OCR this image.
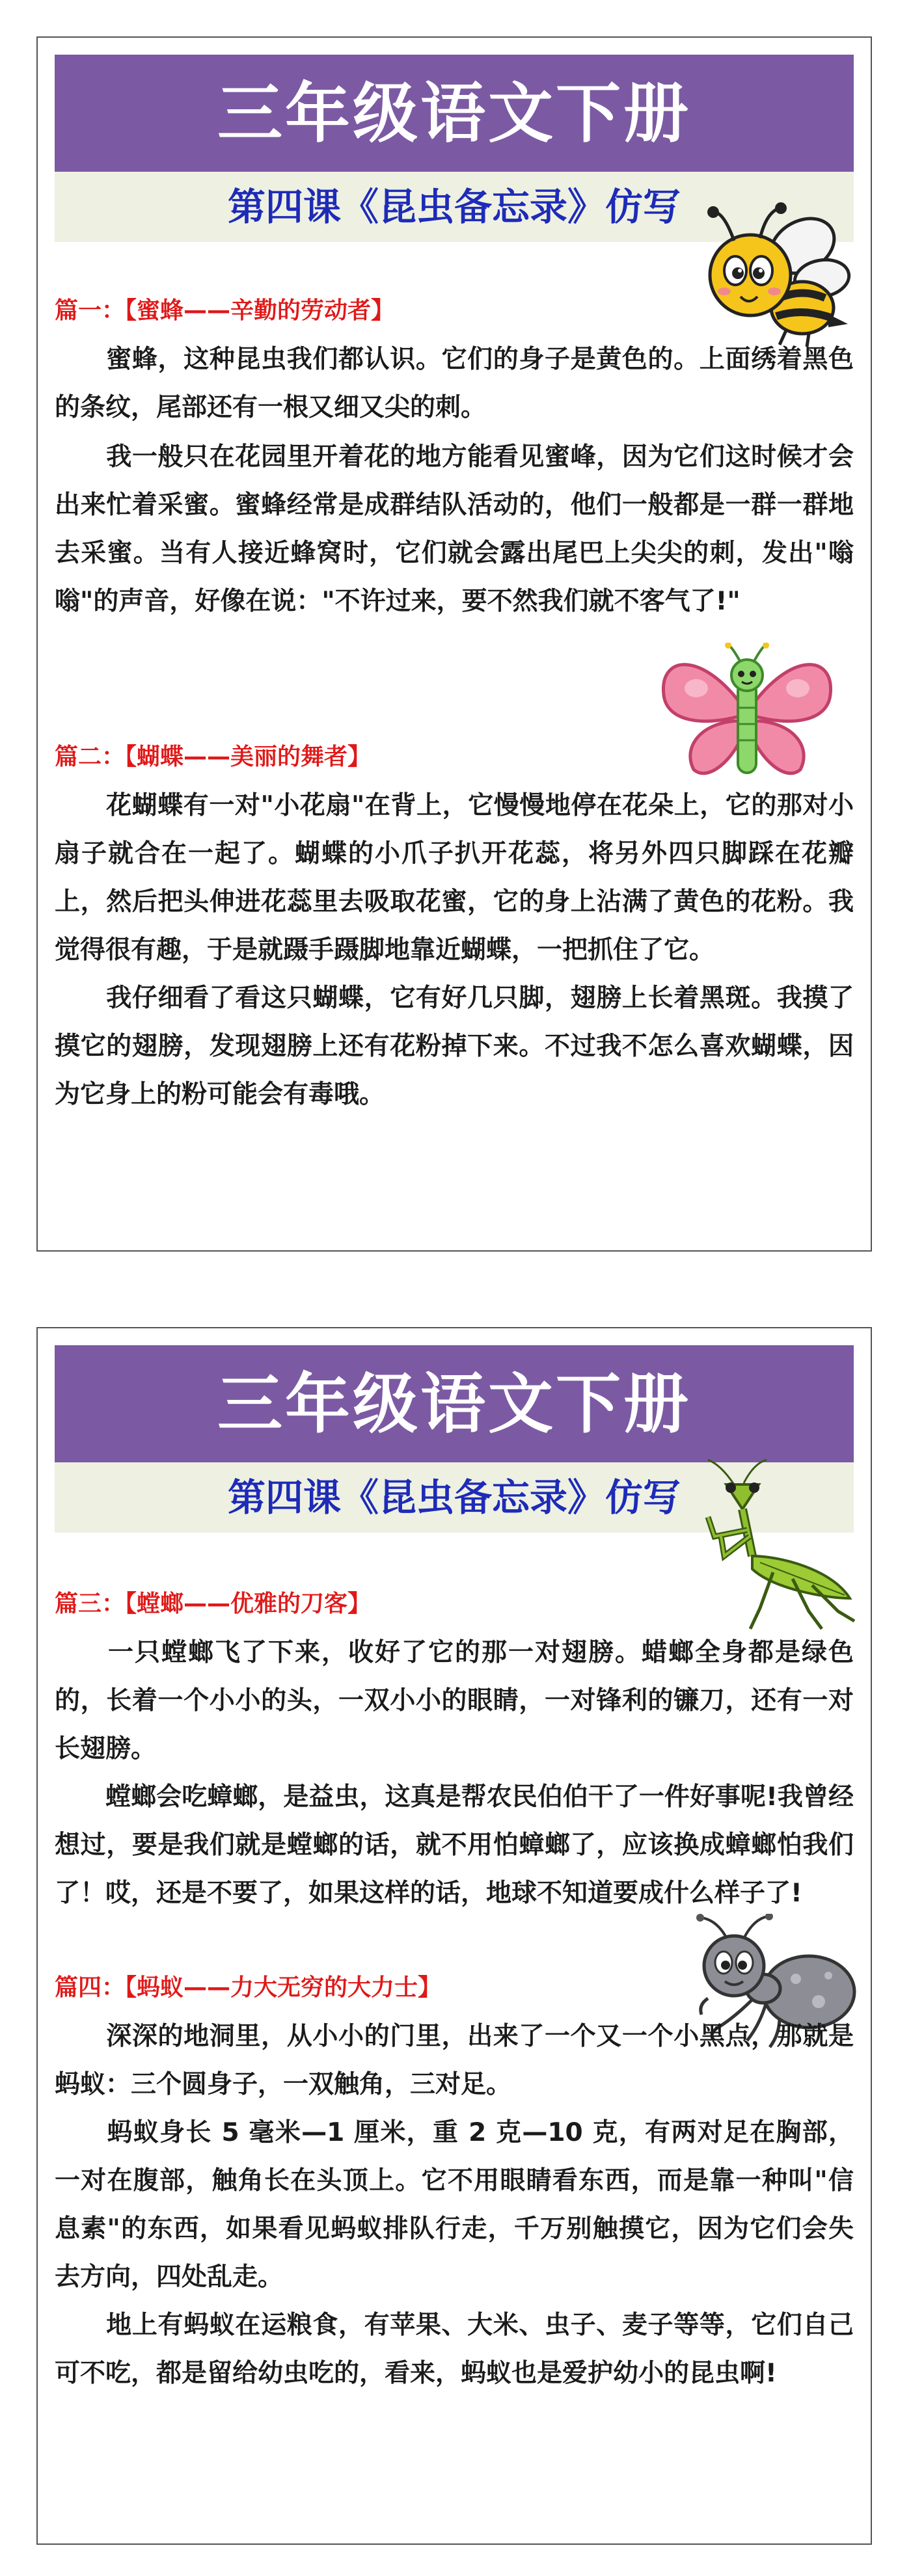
三年级语文下册
第四课《昆虫备忘录》仿写
篇一：【蜜蜂——辛勤的劳动者】

　　蜜蜂，这种昆虫我们都认识。它们的身子是黄色的。上面绣着黑色的条纹，尾部还有一根又细又尖的刺。

　　我一般只在花园里开着花的地方能看见蜜峰，因为它们这时候才会出来忙着采蜜。蜜蜂经常是成群结队活动的，他们一般都是一群一群地去采蜜。当有人接近蜂窝时，它们就会露出尾巴上尖尖的刺，发出"嗡嗡"的声音，好像在说："不许过来，要不然我们就不客气了!"

篇二：【蝴蝶——美丽的舞者】

　　花蝴蝶有一对"小花扇"在背上，它慢慢地停在花朵上，它的那对小扇子就合在一起了。蝴蝶的小爪子扒开花蕊，将另外四只脚踩在花瓣上，然后把头伸进花蕊里去吸取花蜜，它的身上沾满了黄色的花粉。我觉得很有趣，于是就蹑手蹑脚地靠近蝴蝶，一把抓住了它。

　　我仔细看了看这只蝴蝶，它有好几只脚，翅膀上长着黑斑。我摸了摸它的翅膀，发现翅膀上还有花粉掉下来。不过我不怎么喜欢蝴蝶，因为它身上的粉可能会有毒哦。

三年级语文下册
第四课《昆虫备忘录》仿写
篇三：【螳螂——优雅的刀客】

　　一只螳螂飞了下来，收好了它的那一对翅膀。蜡螂全身都是绿色的，长着一个小小的头，一双小小的眼睛，一对锋利的镰刀，还有一对长翅膀。

　　螳螂会吃蟑螂，是益虫，这真是帮农民伯伯干了一件好事呢!我曾经想过，要是我们就是螳螂的话，就不用怕蟑螂了，应该换成蟑螂怕我们了！哎，还是不要了，如果这样的话，地球不知道要成什么样子了!

篇四：【蚂蚁——力大无穷的大力士】

　　深深的地洞里，从小小的门里，出来了一个又一个小黑点，那就是蚂蚁：三个圆身子，一双触角，三对足。

　　蚂蚁身长 5 毫米—1 厘米，重 2 克—10 克，有两对足在胸部，一对在腹部，触角长在头顶上。它不用眼睛看东西，而是靠一种叫"信息素"的东西，如果看见蚂蚁排队行走，千万别触摸它，因为它们会失去方向，四处乱走。

　　地上有蚂蚁在运粮食，有苹果、大米、虫子、麦子等等，它们自己可不吃，都是留给幼虫吃的，看来，蚂蚁也是爱护幼小的昆虫啊!
